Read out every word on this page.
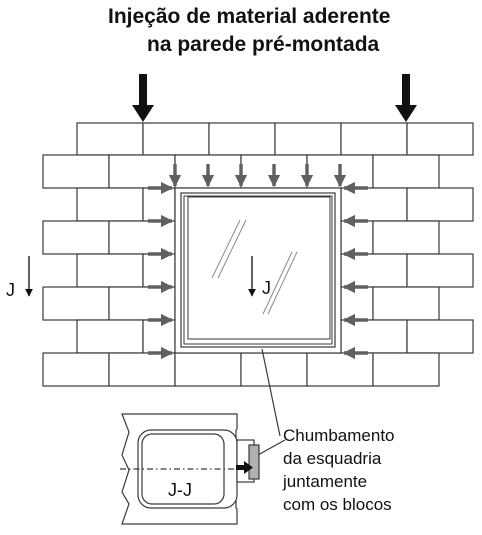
Injeção de material aderente
na parede pré-montada
J	J
J-J
Chumbamento
da esquadria
juntamente
com os blocos
